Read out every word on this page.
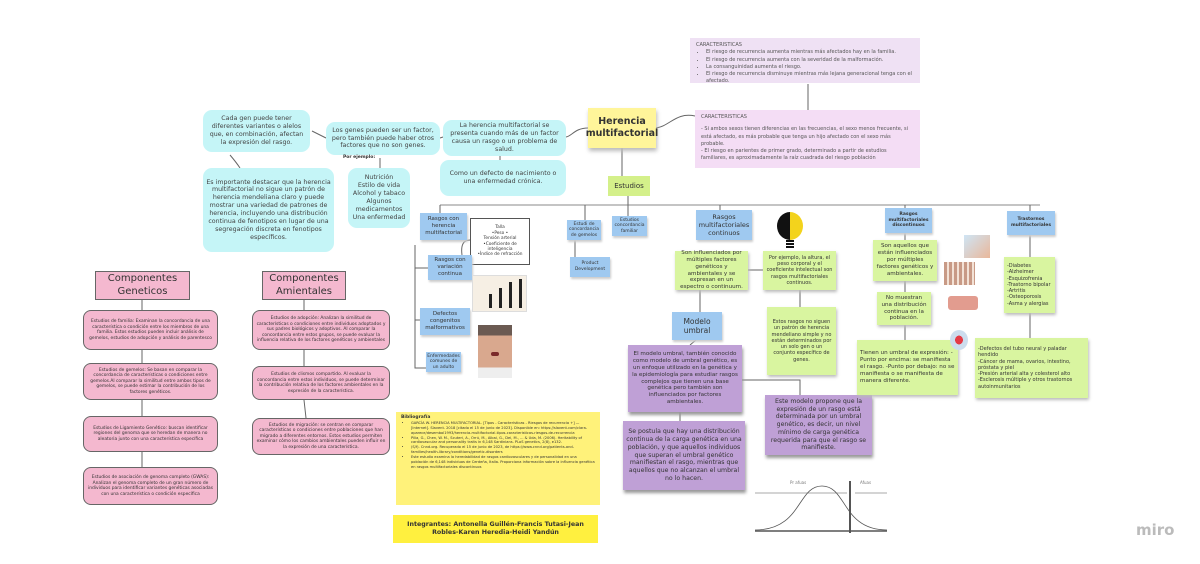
Herencia multifactorial
La herencia multifactorial se presenta cuando más de un factor causa un rasgo o un problema de salud.
Los genes pueden ser un factor, pero también puede haber otros factores que no son genes.
Por ejemplo:
Cada gen puede tener diferentes variantes o alelos que, en combinación, afectan la expresión del rasgo.
Es importante destacar que la herencia multifactorial no sigue un patrón de herencia mendeliana claro y puede mostrar una variedad de patrones de herencia, incluyendo una distribución continua de fenotipos en lugar de una segregación discreta en fenotipos específicos.
Nutrición
Estilo de vida
Alcohol y tabaco
Algunos medicamentos
Una enfermedad
Como un defecto de nacimiento o una enfermedad crónica.
Estudios
CARACTERISTICAS
• El riesgo de recurrencia aumenta mientras más afectados hay en la familia.
• El riesgo de recurrencia aumenta con la severidad de la malformación.
• La consanguinidad aumenta el riesgo.
• El riesgo de recurrencia disminuye mientras más lejana generacional tenga con el afectado.
CARACTERISTICAS
- Si ambos sexos tienen diferencias en las frecuencias, el sexo menos frecuente, si está afectado, es más probable que tenga un hijo afectado con el sexo más probable.
- El riesgo en parientes de primer grado, determinado a partir de estudios familiares, es aproximadamente la raíz cuadrada del riesgo población
Rasgos con herencia multifactorial
Talla
•Peso •
Tensión arterial
•Coeficiente de inteligencia
•Índice de refracción
Rasgos con variación continua
Defectos congenitos malformativos
Enfermedades comunes de un adulto
Estudi de concordancia de gemelos
Estudios concordancia familiar
Product Development
Rasgos multifactoriales continuos
Son influenciados por múltiples factores genéticos y ambientales y se expresan en un espectro o continuum.
Por ejemplo, la altura, el peso corporal y el coeficiente intelectual son rasgos multifactoriales continuos.
Estos rasgos no siguen un patrón de herencia mendeliano simple y no están determinados por un solo gen o un conjunto específico de genes.
Modelo umbral
El modelo umbral, también conocido como modelo de umbral genético, es un enfoque utilizado en la genética y la epidemiología para estudiar rasgos complejos que tienen una base genética pero también son influenciados por factores ambientales.
Se postula que hay una distribución continua de la carga genética en una población, y que aquellos individuos que superan el umbral genético manifiestan el rasgo, mientras que aquellos que no alcanzan el umbral no lo hacen.
Este modelo propone que la expresión de un rasgo está determinada por un umbral genético, es decir, un nivel mínimo de carga genética requerida para que el rasgo se manifieste.
Pr afuas	Afuas
Rasgos multifactoriales discontinuos
Son aquellos que están influenciados por múltiples factores genéticos y ambientales.
No muestran una distribución continua en la población.
Tienen un umbral de expresión: -Punto por encima: se manifiesta el rasgo. -Punto por debajo: no se manifiesta o se manifiesta de manera diferente.
Trastornos multifactoriales
-Diabetes
-Alzheimer
-Esquizofrenia
-Trastorno bipolar
-Artritis
-Osteoporosis
-Asma y alergias
-Defectos del tubo neural y paladar hendido
-Cáncer de mama, ovarios, intestino, próstata y piel
-Presión arterial alta y colesterol alto
-Esclerosis múltiple y otros trastornos autoinmunitarios
Componentes Geneticos
Estudios de familia: Examinan la concordancia de una característica o condición entre los miembros de una familia. Estos estudios pueden incluir análisis de gemelos, estudios de adopción y análisis de parentesco
Estudios de gemelos: Se basan en comparar la concordancia de características o condiciones entre gemelos.Al comparar la similitud entre ambos tipos de gemelos, se puede estimar la contribución de los factores genéticos.
Estudios de Ligamiento Genético: buscan identificar regiones del genoma que se heredan de manera no aleatoria junto con una característica específica
Estudios de asociación de genoma completo (GWAS): Analizan el genoma completo de un gran número de individuos para identificar variantes genéticas asociadas con una característica o condición específica
Componentes Amientales
Estudios de adopción: Analizan la similitud de características o condiciones entre individuos adoptados y sus padres biológicos y adoptivos. Al comparar la concordancia entre estos grupos, se puede evaluar la influencia relativa de los factores genéticos y ambientales
Estudios de clismos compartido. Al evaluar la concordancia entre estos individuos, se puede determinar la contribución relativa de los factores ambientales en la expresión de la característica.
Estudios de migración: se centran en comparar características o condiciones entre poblaciones que han migrado a diferentes entornos. Estos estudios permiten examinar cómo los cambios ambientales pueden influir en la expresión de una característica.
Bibliografía
• GARCÍA W. HERENCIA MULTIFACTORIAL. [Tipos - Características - Riesgos de recurrencia +] — [Internet]. Slavent. 2018 [citado el 15 de junio de 2023]. Disponible en: https://slavent.com/clara-aparece/desembol1993/herencia-multifactorial-tipos-caracteristicas-riesgos-de-recurrencia
• Pilia, G., Chen, W. M., Scuteri, A., Orrú, M., Albai, G., Dei, M., ... & Uda, M. (2006). Heritability of cardiovascular and personality traits in 6,148 Sardinians. PLoS genetics, 2(8), e132.
• (S/f). Cnnd.org. Recuperado el 15 de junio de 2023, de https://www.cnnd.org/patients-and-families/health-library/conditions/genetic-disorders
• Este estudio examina la heredabilidad de rasgos cardiovasculares y de personalidad en una población de 6,148 individuos de Cerdeña, Italia. Proporciona información sobre la influencia genética en rasgos multifactoriales discontinuos
Integrantes: Antonella Guillén-Francis Tutasi-Jean Robles-Karen Heredia-Heidi Yandún	miro
